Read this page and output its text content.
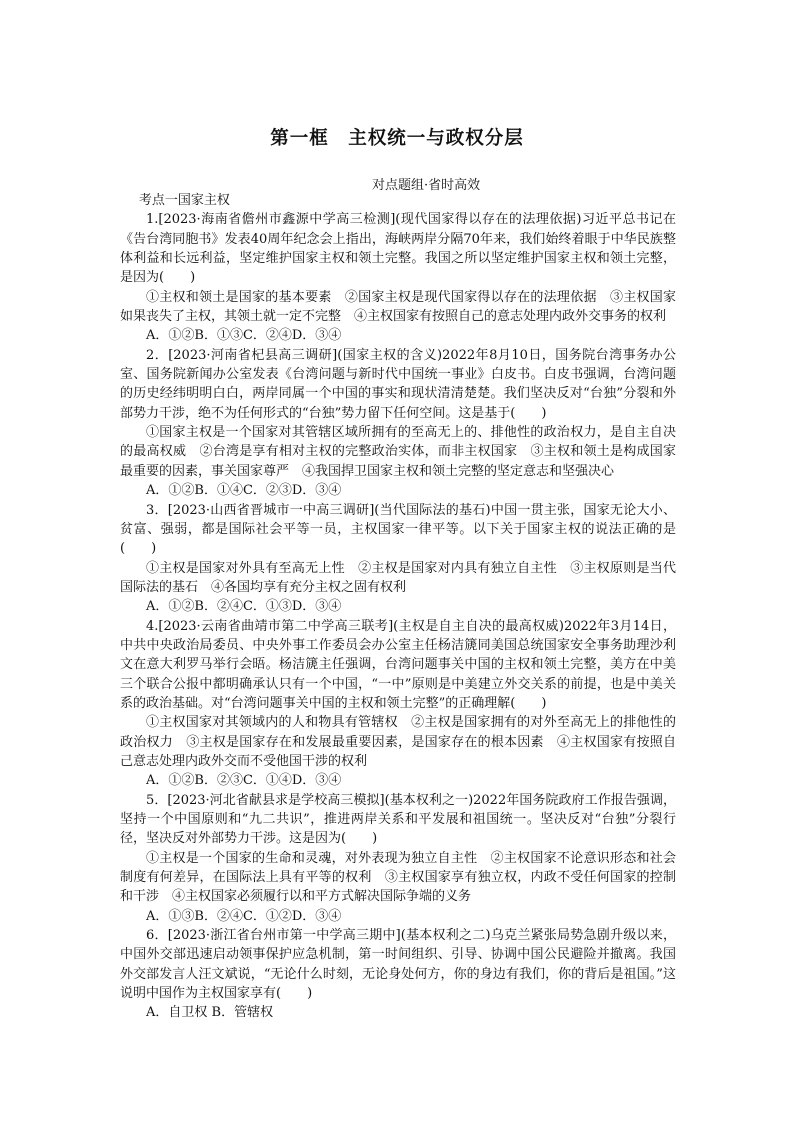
第一框　主权统一与政权分层
对点题组·省时高效

考点一国家主权

1.[2023·海南省儋州市鑫源中学高三检测](现代国家得以存在的法理依据)习近平总书记在《告台湾同胞书》发表40周年纪念会上指出，海峡两岸分隔70年来，我们始终着眼于中华民族整体利益和长远利益，坚定维护国家主权和领土完整。我国之所以坚定维护国家主权和领土完整，是因为(　　)

①主权和领土是国家的基本要素　②国家主权是现代国家得以存在的法理依据　③主权国家如果丧失了主权，其领土就一定不完整　④主权国家有按照自己的意志处理内政外交事务的权利

A．①②B．①③C．②④D．③④

2．[2023·河南省杞县高三调研](国家主权的含义)2022年8月10日，国务院台湾事务办公室、国务院新闻办公室发表《台湾问题与新时代中国统一事业》白皮书。白皮书强调，台湾问题的历史经纬明明白白，两岸同属一个中国的事实和现状清清楚楚。我们坚决反对“台独”分裂和外部势力干涉，绝不为任何形式的“台独”势力留下任何空间。这是基于(　　)

①国家主权是一个国家对其管辖区域所拥有的至高无上的、排他性的政治权力，是自主自决的最高权威　②台湾是享有相对主权的完整政治实体，而非主权国家　③主权和领土是构成国家最重要的因素，事关国家尊严　④我国捍卫国家主权和领土完整的坚定意志和坚强决心

A．①②B．①④C．②③D．③④

3．[2023·山西省晋城市一中高三调研](当代国际法的基石)中国一贯主张，国家无论大小、贫富、强弱，都是国际社会平等一员，主权国家一律平等。以下关于国家主权的说法正确的是(　　)

①主权是国家对外具有至高无上性　②主权是国家对内具有独立自主性　③主权原则是当代国际法的基石　④各国均享有充分主权之固有权利

A．①②B．②④C．①③D．③④

4.[2023·云南省曲靖市第二中学高三联考](主权是自主自决的最高权威)2022年3月14日，中共中央政治局委员、中央外事工作委员会办公室主任杨洁篪同美国总统国家安全事务助理沙利文在意大利罗马举行会晤。杨洁篪主任强调，台湾问题事关中国的主权和领土完整，美方在中美三个联合公报中都明确承认只有一个中国，“一中”原则是中美建立外交关系的前提，也是中美关系的政治基础。对“台湾问题事关中国的主权和领土完整”的正确理解(　　)

①主权国家对其领域内的人和物具有管辖权　②主权是国家拥有的对外至高无上的排他性的政治权力　③主权是国家存在和发展最重要因素，是国家存在的根本因素　④主权国家有按照自己意志处理内政外交而不受他国干涉的权利

A．①②B．②③C．①④D．③④

5．[2023·河北省献县求是学校高三模拟](基本权利之一)2022年国务院政府工作报告强调，坚持一个中国原则和“九二共识”，推进两岸关系和平发展和祖国统一。坚决反对“台独”分裂行径，坚决反对外部势力干涉。这是因为(　　)

①主权是一个国家的生命和灵魂，对外表现为独立自主性　②主权国家不论意识形态和社会制度有何差异，在国际法上具有平等的权利　③主权国家享有独立权，内政不受任何国家的控制和干涉　④主权国家必须履行以和平方式解决国际争端的义务

A．①③B．②④C．①②D．③④

6．[2023·浙江省台州市第一中学高三期中](基本权利之二)乌克兰紧张局势急剧升级以来，中国外交部迅速启动领事保护应急机制，第一时间组织、引导、协调中国公民避险并撤离。我国外交部发言人汪文斌说，“无论什么时刻，无论身处何方，你的身边有我们，你的背后是祖国。”这说明中国作为主权国家享有(　　)

A．自卫权 B．管辖权
